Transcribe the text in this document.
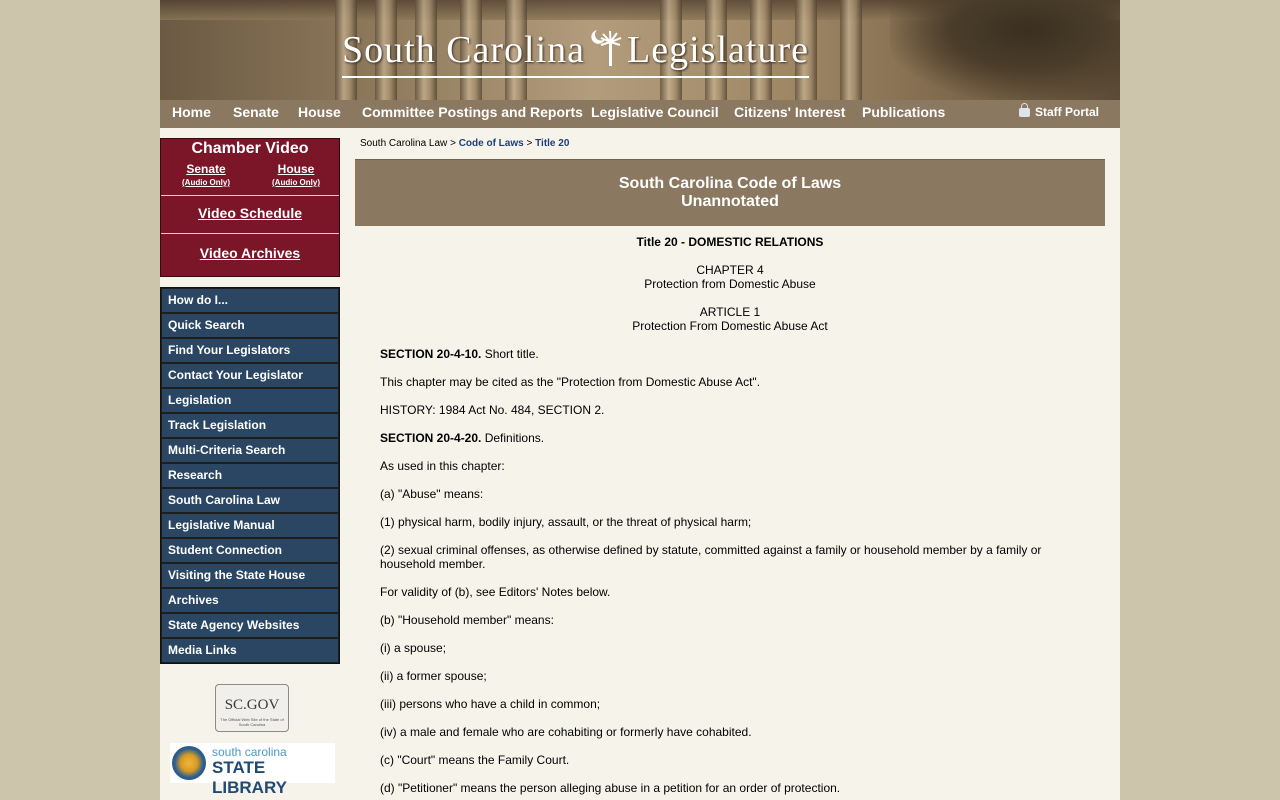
South Carolina Legislature
Home Senate House Committee Postings and Reports Legislative Council Citizens' Interest Publications	Staff Portal
Chamber Video
Senate	House
(Audio Only)	(Audio Only)
Video Schedule
Video Archives
How do I...
Quick Search
Find Your Legislators
Contact Your Legislator
Legislation
Track Legislation
Multi-Criteria Search
Research
South Carolina Law
Legislative Manual
Student Connection
Visiting the State House
Archives
State Agency Websites
Media Links
SC.GOV
The Official Web Site of the State of South Carolina
south carolina
STATE LIBRARY
South Carolina Law > Code of Laws > Title 20
South Carolina Code of Laws
Unannotated
Title 20 - DOMESTIC RELATIONS
CHAPTER 4
Protection from Domestic Abuse
ARTICLE 1
Protection From Domestic Abuse Act
SECTION 20-4-10. Short title.
This chapter may be cited as the "Protection from Domestic Abuse Act".
HISTORY: 1984 Act No. 484, SECTION 2.
SECTION 20-4-20. Definitions.
As used in this chapter:
(a) "Abuse" means:
(1) physical harm, bodily injury, assault, or the threat of physical harm;
(2) sexual criminal offenses, as otherwise defined by statute, committed against a family or household member by a family or household member.
For validity of (b), see Editors' Notes below.
(b) "Household member" means:
(i) a spouse;
(ii) a former spouse;
(iii) persons who have a child in common;
(iv) a male and female who are cohabiting or formerly have cohabited.
(c) "Court" means the Family Court.
(d) "Petitioner" means the person alleging abuse in a petition for an order of protection.
